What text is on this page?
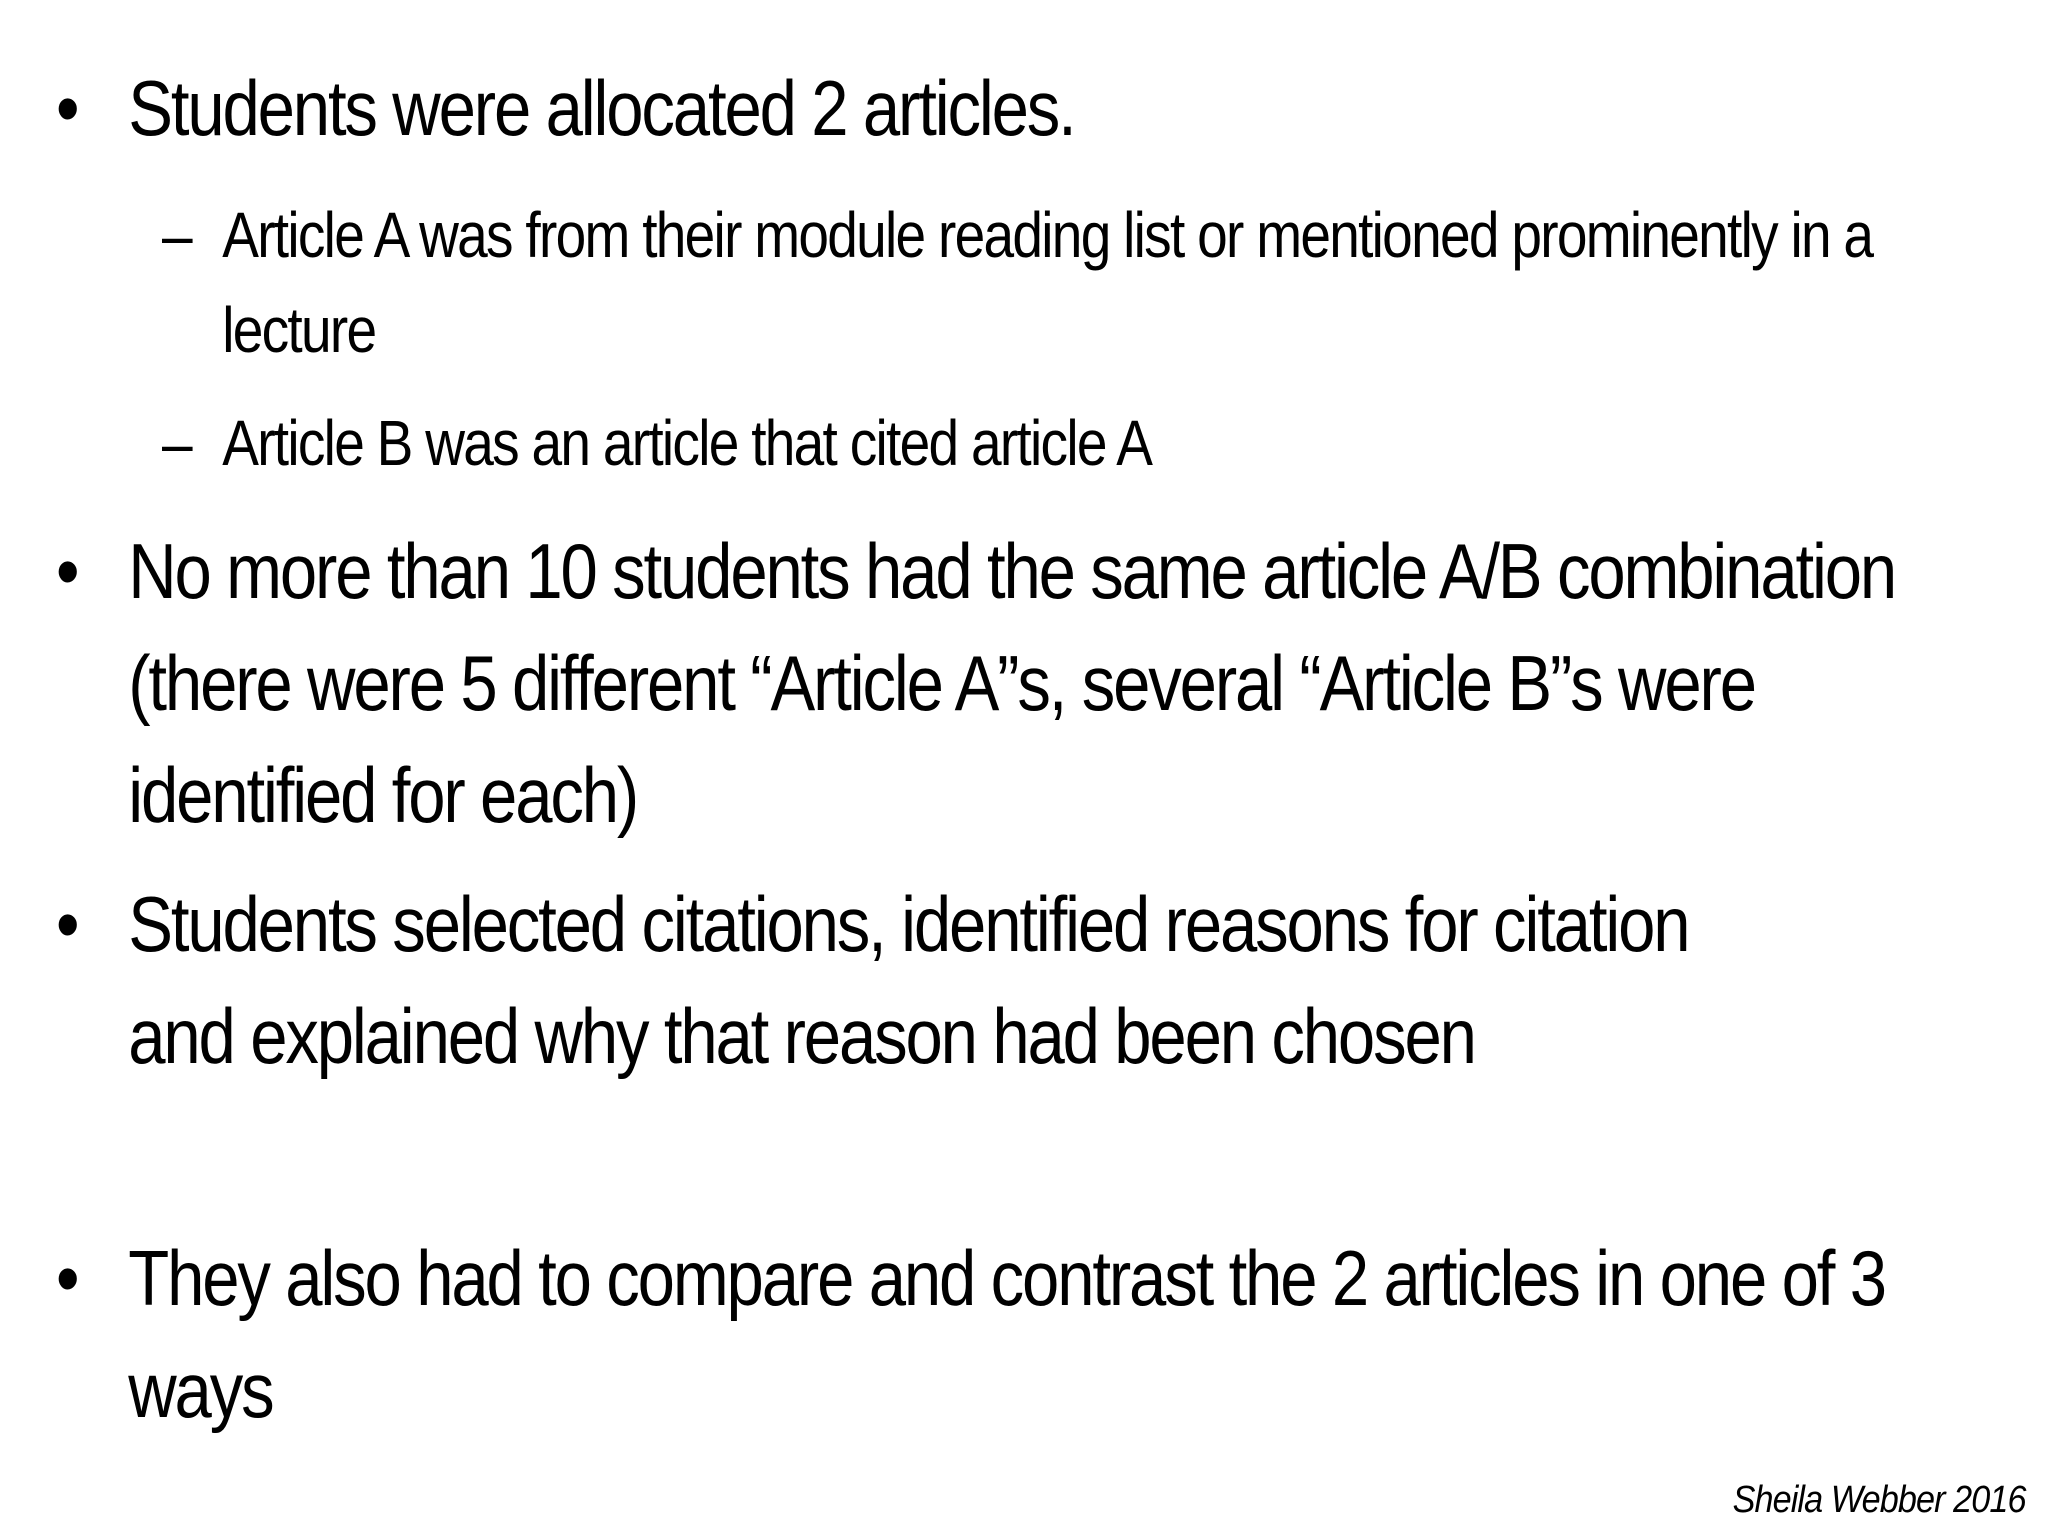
• Students were allocated 2 articles.
– Article A was from their module reading list or mentioned prominently in a lecture
– Article B was an article that cited article A
• No more than 10 students had the same article A/B combination (there were 5 different “Article A”s, several “Article B”s were identified for each)
• Students selected citations, identified reasons for citation and explained why that reason had been chosen
• They also had to compare and contrast the 2 articles in one of 3 ways
Sheila Webber 2016
